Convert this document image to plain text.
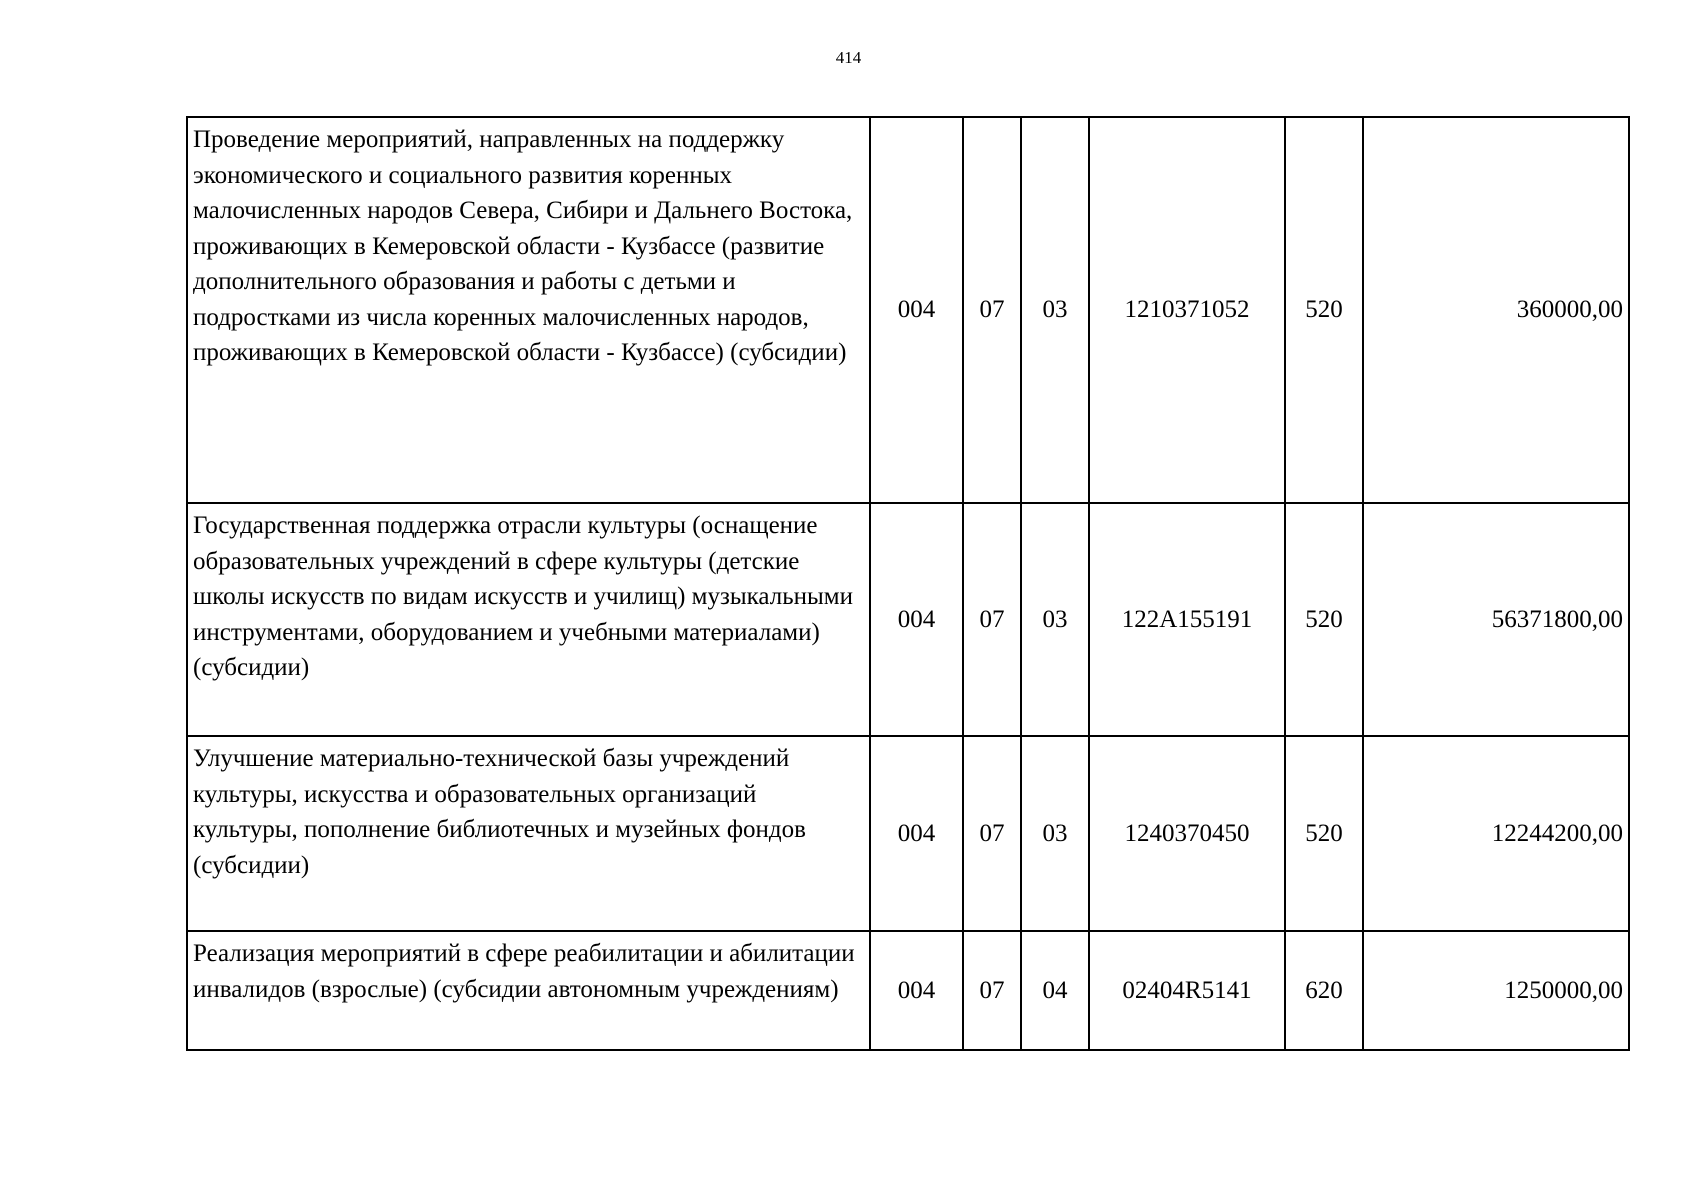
414
Проведение мероприятий, направленных на поддержку экономического и социального развития коренных малочисленных народов Севера, Сибири и Дальнего Востока, проживающих в Кемеровской области - Кузбассе (развитие дополнительного образования и работы с детьми и подростками из числа коренных малочисленных народов, проживающих в Кемеровской области - Кузбассе) (субсидии)	004	07	03	1210371052	520	360000,00
Государственная поддержка отрасли культуры (оснащение образовательных учреждений в сфере культуры (детские школы искусств по видам искусств и училищ) музыкальными инструментами, оборудованием и учебными материалами) (субсидии)	004	07	03	122A155191	520	56371800,00
Улучшение материально-технической базы учреждений культуры, искусства и образовательных организаций культуры, пополнение библиотечных и музейных фондов (субсидии)	004	07	03	1240370450	520	12244200,00
Реализация мероприятий в сфере реабилитации и абилитации инвалидов (взрослые) (субсидии автономным учреждениям)	004	07	04	02404R5141	620	1250000,00
